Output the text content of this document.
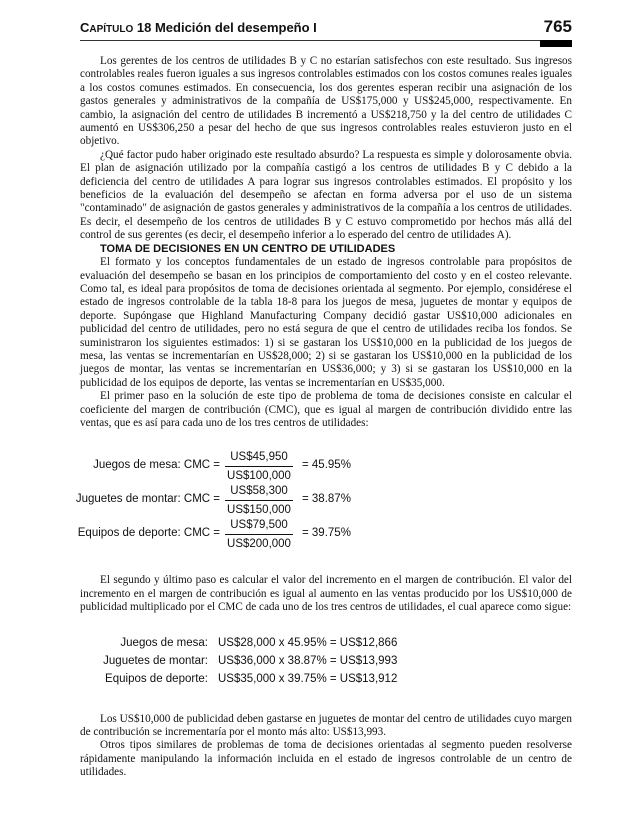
CAPÍTULO 18 Medición del desempeño I	765

Los gerentes de los centros de utilidades B y C no estarían satisfechos con este resultado. Sus ingresos controlables reales fueron iguales a sus ingresos controlables estimados con los costos comunes reales iguales a los costos comunes estimados. En consecuencia, los dos gerentes esperan recibir una asignación de los gastos generales y administrativos de la compañía de US$175,000 y US$245,000, respectivamente. En cambio, la asignación del centro de utilidades B incrementó a US$218,750 y la del centro de utilidades C aumentó en US$306,250 a pesar del hecho de que sus ingresos controlables reales estuvieron justo en el objetivo.

¿Qué factor pudo haber originado este resultado absurdo? La respuesta es simple y dolorosamente obvia. El plan de asignación utilizado por la compañía castigó a los centros de utilidades B y C debido a la deficiencia del centro de utilidades A para lograr sus ingresos controlables estimados. El propósito y los beneficios de la evaluación del desempeño se afectan en forma adversa por el uso de un sistema "contaminado" de asignación de gastos generales y administrativos de la compañía a los centros de utilidades. Es decir, el desempeño de los centros de utilidades B y C estuvo comprometido por hechos más allá del control de sus gerentes (es decir, el desempeño inferior a lo esperado del centro de utilidades A).

TOMA DE DECISIONES EN UN CENTRO DE UTILIDADES

El formato y los conceptos fundamentales de un estado de ingresos controlable para propósitos de evaluación del desempeño se basan en los principios de comportamiento del costo y en el costeo relevante. Como tal, es ideal para propósitos de toma de decisiones orientada al segmento. Por ejemplo, considérese el estado de ingresos controlable de la tabla 18-8 para los juegos de mesa, juguetes de montar y equipos de deporte. Supóngase que Highland Manufacturing Company decidió gastar US$10,000 adicionales en publicidad del centro de utilidades, pero no está segura de que el centro de utilidades reciba los fondos. Se suministraron los siguientes estimados: 1) si se gastaran los US$10,000 en la publicidad de los juegos de mesa, las ventas se incrementarían en US$28,000; 2) si se gastaran los US$10,000 en la publicidad de los juegos de montar, las ventas se incrementarían en US$36,000; y 3) si se gastaran los US$10,000 en la publicidad de los equipos de deporte, las ventas se incrementarían en US$35,000.

El primer paso en la solución de este tipo de problema de toma de decisiones consiste en calcular el coeficiente del margen de contribución (CMC), que es igual al margen de contribución dividido entre las ventas, que es así para cada uno de los tres centros de utilidades:

Juegos de mesa: CMC =
US$45,950
US$100,000
= 45.95%
Juguetes de montar: CMC =
US$58,300
US$150,000
= 38.87%
Equipos de deporte: CMC =
US$79,500
US$200,000
= 39.75%

El segundo y último paso es calcular el valor del incremento en el margen de contribución. El valor del incremento en el margen de contribución es igual al aumento en las ventas producido por los US$10,000 de publicidad multiplicado por el CMC de cada uno de los tres centros de utilidades, el cual aparece como sigue:

Juegos de mesa: US$28,000 x 45.95% = US$12,866
Juguetes de montar: US$36,000 x 38.87% = US$13,993
Equipos de deporte: US$35,000 x 39.75% = US$13,912

Los US$10,000 de publicidad deben gastarse en juguetes de montar del centro de utilidades cuyo margen de contribución se incrementaría por el monto más alto: US$13,993.

Otros tipos similares de problemas de toma de decisiones orientadas al segmento pueden resolverse rápidamente manipulando la información incluida en el estado de ingresos controlable de un centro de utilidades.
